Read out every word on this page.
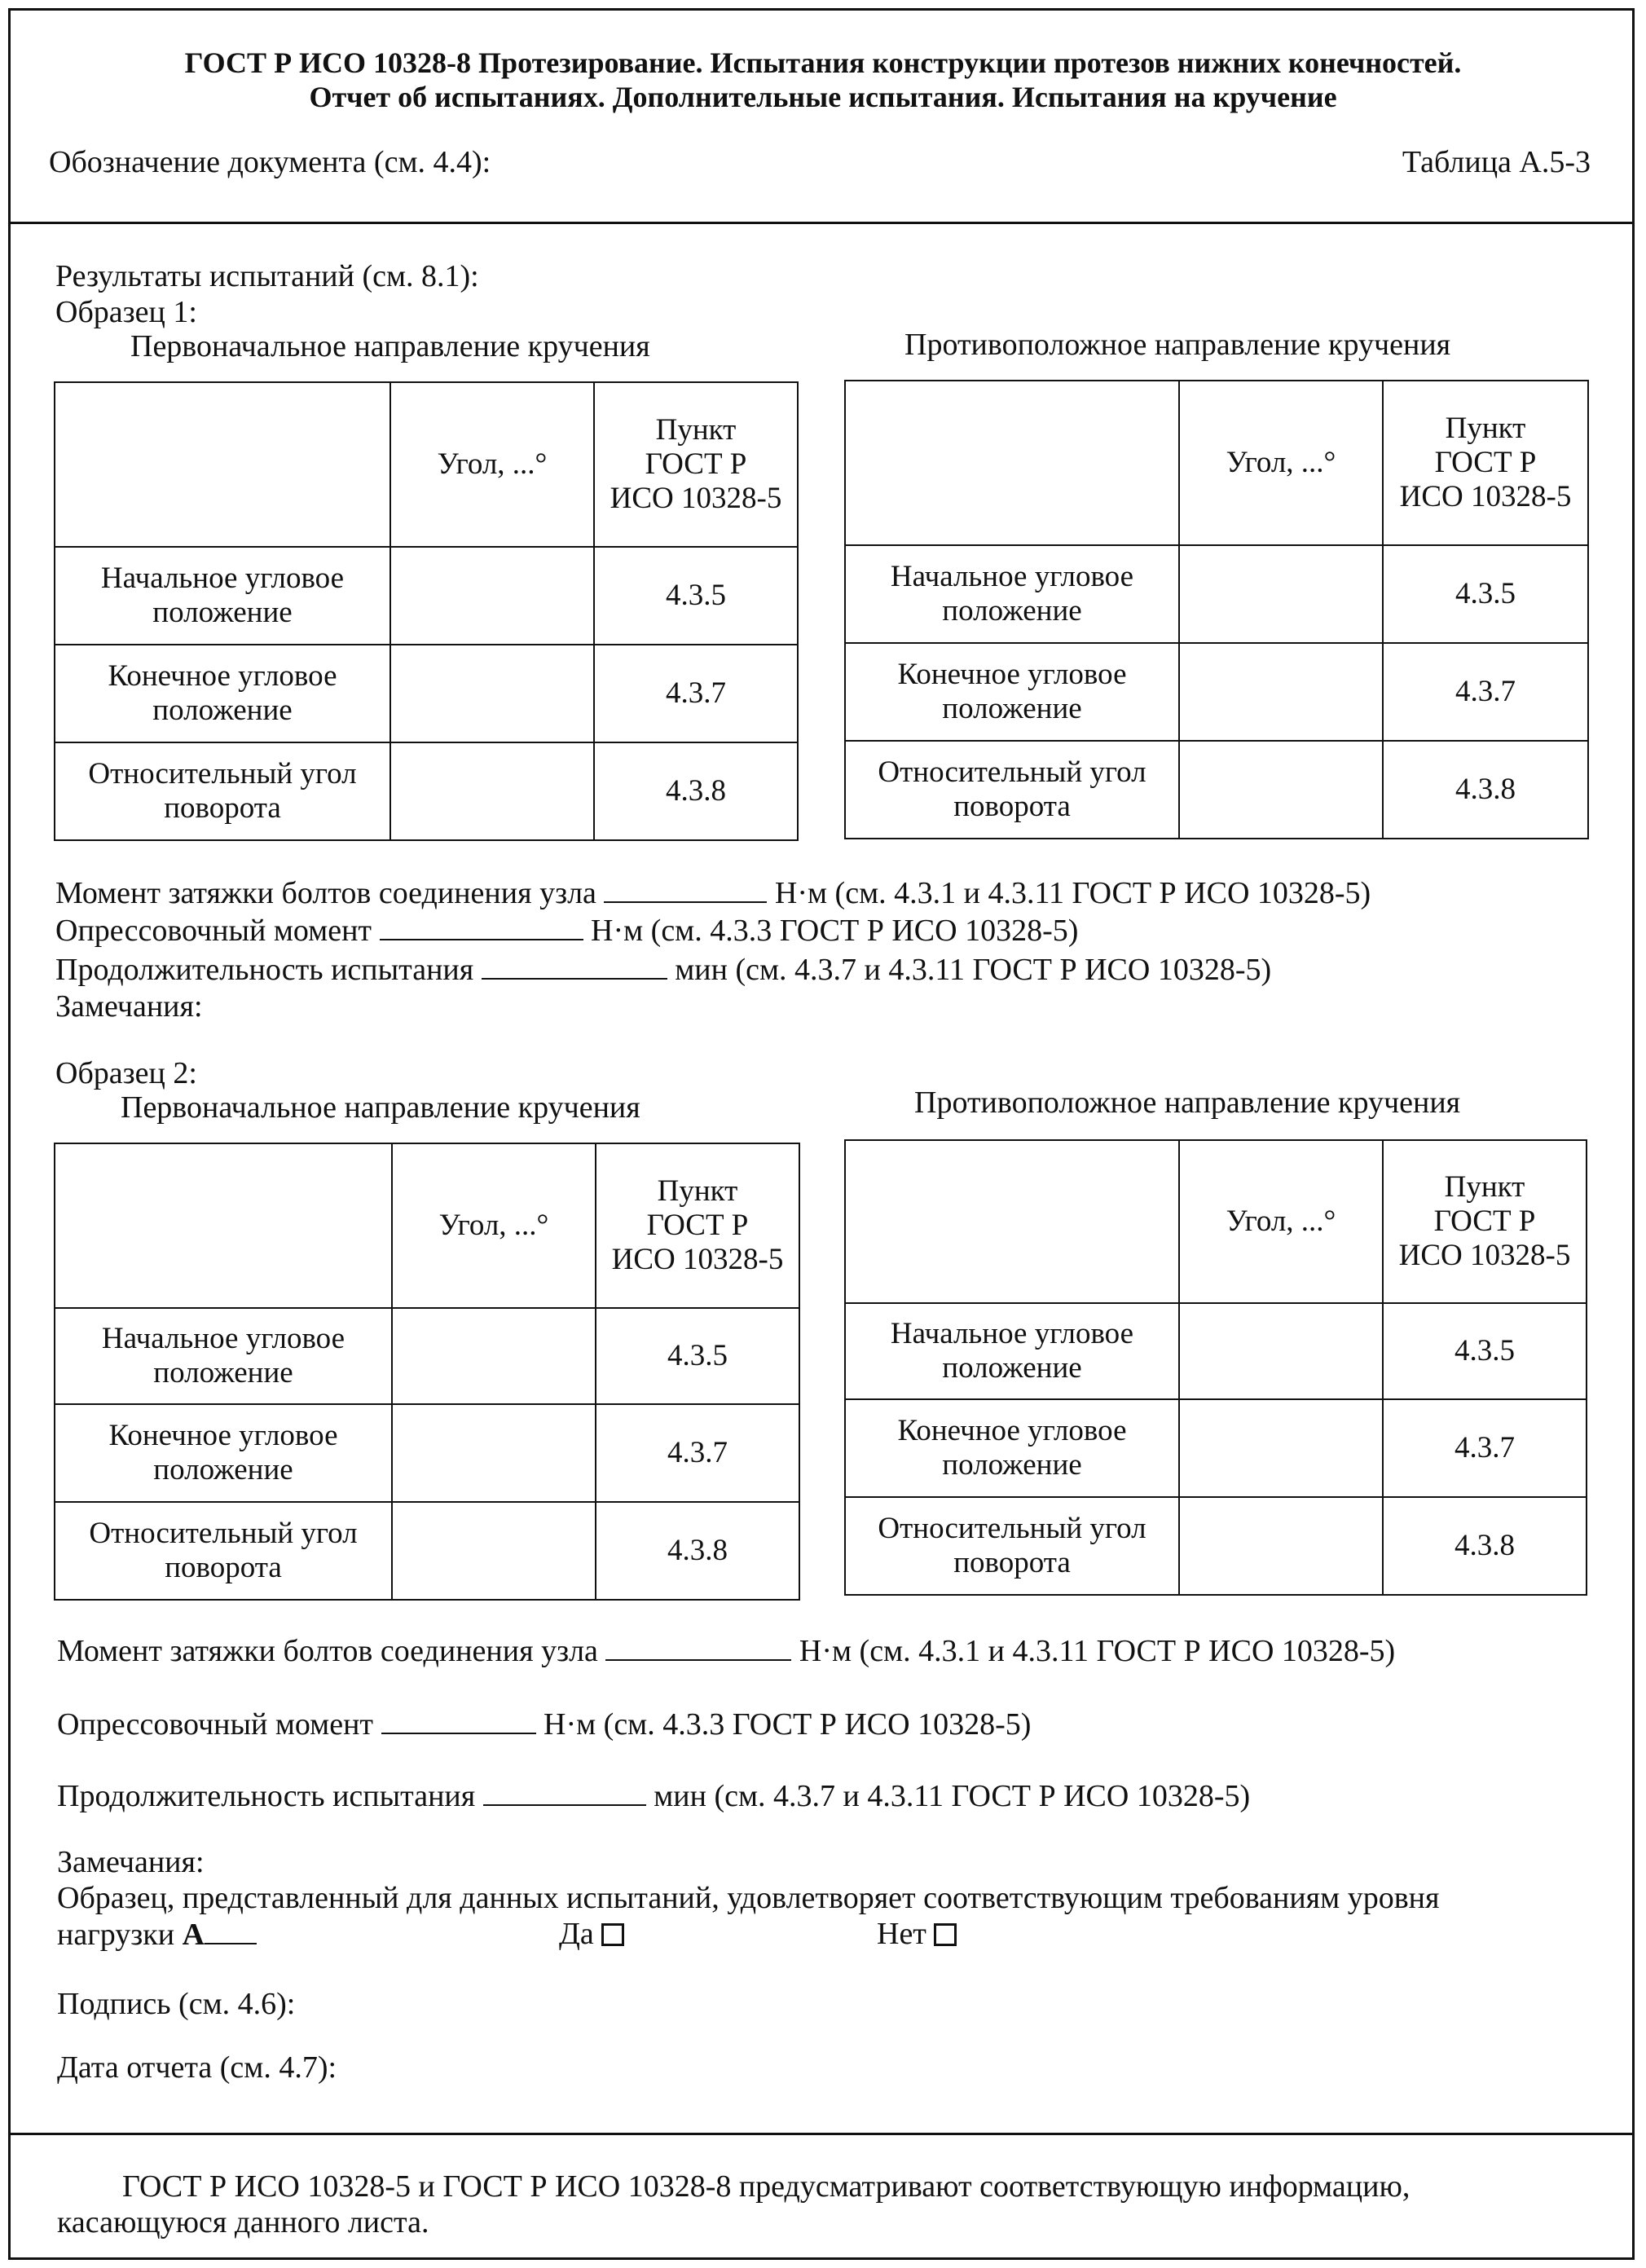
ГОСТ Р ИСО 10328-8 Протезирование. Испытания конструкции протезов нижних конечностей.
Отчет об испытаниях. Дополнительные испытания. Испытания на кручение
Обозначение документа (см. 4.4):	Таблица А.5-3
Результаты испытаний (см. 8.1):
Образец 1:
Первоначальное направление кручения	Противоположное направление кручения
	Угол, ...°	Пункт
ГОСТ Р
ИСО 10328-5
Начальное угловое
положение		4.3.5
Конечное угловое
положение		4.3.7
Относительный угол
поворота		4.3.8
	Угол, ...°	Пункт
ГОСТ Р
ИСО 10328-5
Начальное угловое
положение		4.3.5
Конечное угловое
положение		4.3.7
Относительный угол
поворота		4.3.8
Момент затяжки болтов соединения узла	Н·м (см. 4.3.1 и 4.3.11 ГОСТ Р ИСО 10328-5)
Опрессовочный момент	Н·м (см. 4.3.3 ГОСТ Р ИСО 10328-5)
Продолжительность испытания	мин (см. 4.3.7 и 4.3.11 ГОСТ Р ИСО 10328-5)
Замечания:
Образец 2:
Первоначальное направление кручения	Противоположное направление кручения
	Угол, ...°	Пункт
ГОСТ Р
ИСО 10328-5
Начальное угловое
положение		4.3.5
Конечное угловое
положение		4.3.7
Относительный угол
поворота		4.3.8
	Угол, ...°	Пункт
ГОСТ Р
ИСО 10328-5
Начальное угловое
положение		4.3.5
Конечное угловое
положение		4.3.7
Относительный угол
поворота		4.3.8
Момент затяжки болтов соединения узла	Н·м (см. 4.3.1 и 4.3.11 ГОСТ Р ИСО 10328-5)
Опрессовочный момент	Н·м (см. 4.3.3 ГОСТ Р ИСО 10328-5)
Продолжительность испытания	мин (см. 4.3.7 и 4.3.11 ГОСТ Р ИСО 10328-5)
Замечания:
Образец, представленный для данных испытаний, удовлетворяет соответствующим требованиям уровня
нагрузки А	Да	Нет
Подпись (см. 4.6):
Дата отчета (см. 4.7):
ГОСТ Р ИСО 10328-5 и ГОСТ Р ИСО 10328-8 предусматривают соответствующую информацию,
касающуюся данного листа.
